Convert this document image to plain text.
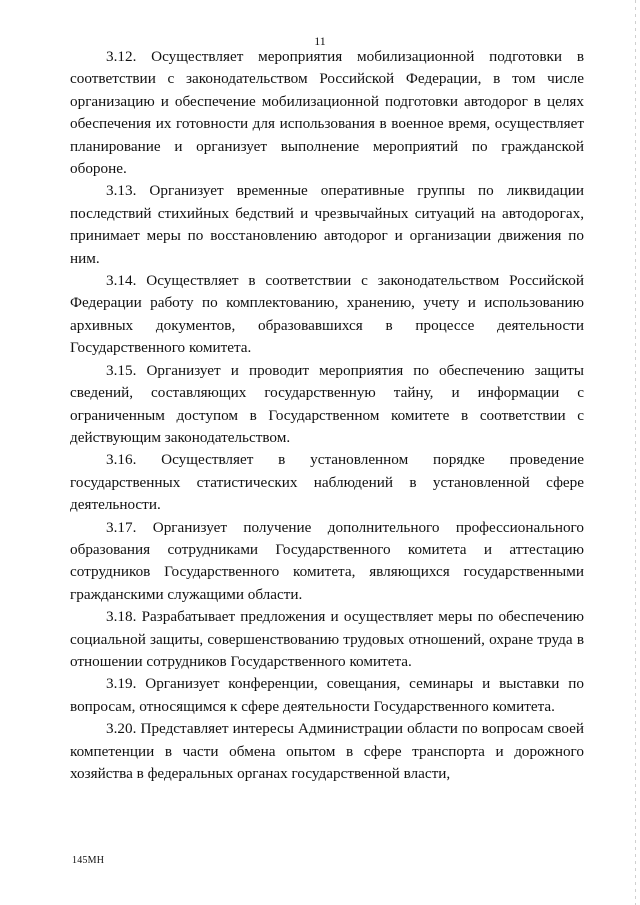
11

3.12. Осуществляет мероприятия мобилизационной подготовки в соответствии с законодательством Российской Федерации, в том числе организацию и обеспечение мобилизационной подготовки автодорог в целях обеспечения их готовности для использования в военное время, осуществляет планирование и организует выполнение мероприятий по гражданской обороне.

3.13. Организует временные оперативные группы по ликвидации последствий стихийных бедствий и чрезвычайных ситуаций на автодорогах, принимает меры по восстановлению автодорог и организации движения по ним.

3.14. Осуществляет в соответствии с законодательством Российской Федерации работу по комплектованию, хранению, учету и использованию архивных документов, образовавшихся в процессе деятельности Государственного комитета.

3.15. Организует и проводит мероприятия по обеспечению защиты сведений, составляющих государственную тайну, и информации с ограниченным доступом в Государственном комитете в соответствии с действующим законодательством.

3.16. Осуществляет в установленном порядке проведение государственных статистических наблюдений в установленной сфере деятельности.

3.17. Организует получение дополнительного профессионального образования сотрудниками Государственного комитета и аттестацию сотрудников Государственного комитета, являющихся государственными гражданскими служащими области.

3.18. Разрабатывает предложения и осуществляет меры по обеспечению социальной защиты, совершенствованию трудовых отношений, охране труда в отношении сотрудников Государственного комитета.

3.19. Организует конференции, совещания, семинары и выставки по вопросам, относящимся к сфере деятельности Государственного комитета.

3.20. Представляет интересы Администрации области по вопросам своей компетенции в части обмена опытом в сфере транспорта и дорожного хозяйства в федеральных органах государственной власти,

145МН
